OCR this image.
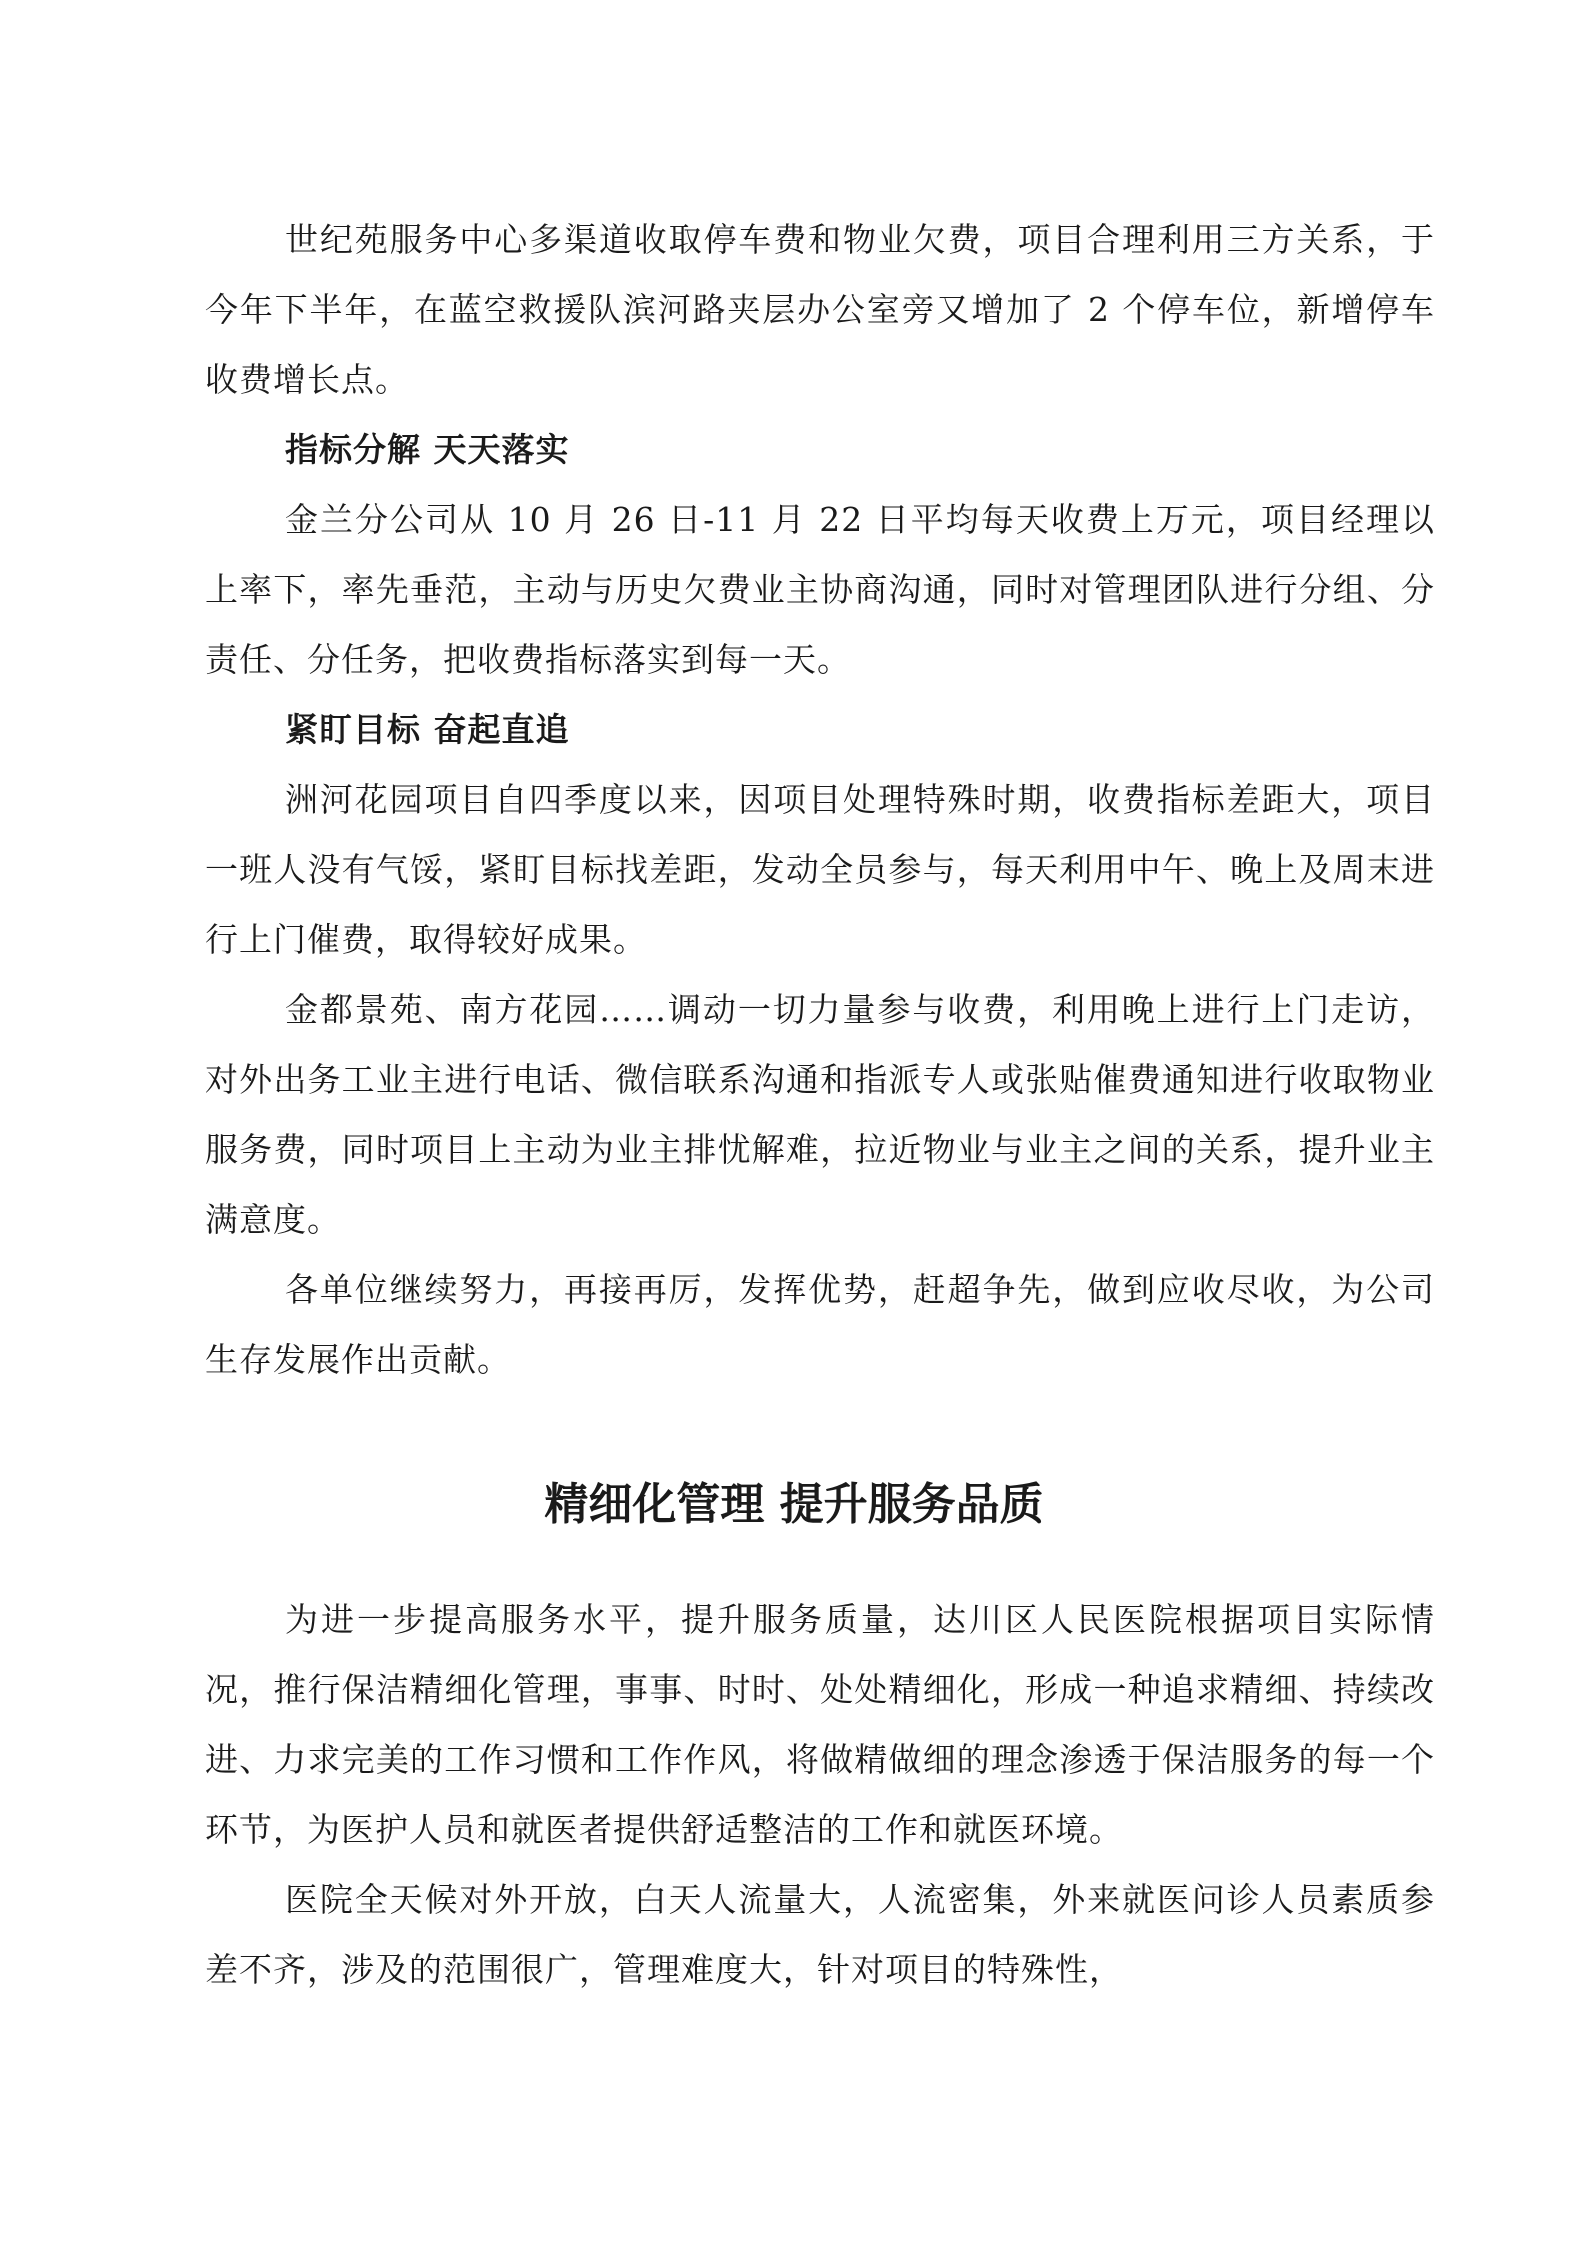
世纪苑服务中心多渠道收取停车费和物业欠费，项目合理利用三方关系，于今年下半年，在蓝空救援队滨河路夹层办公室旁又增加了 2 个停车位，新增停车收费增长点。

指标分解 天天落实

金兰分公司从 10 月 26 日-11 月 22 日平均每天收费上万元，项目经理以上率下，率先垂范，主动与历史欠费业主协商沟通，同时对管理团队进行分组、分责任、分任务，把收费指标落实到每一天。

紧盯目标 奋起直追

洲河花园项目自四季度以来，因项目处理特殊时期，收费指标差距大，项目一班人没有气馁，紧盯目标找差距，发动全员参与，每天利用中午、晚上及周末进行上门催费，取得较好成果。

金都景苑、南方花园……调动一切力量参与收费，利用晚上进行上门走访，对外出务工业主进行电话、微信联系沟通和指派专人或张贴催费通知进行收取物业服务费，同时项目上主动为业主排忧解难，拉近物业与业主之间的关系，提升业主满意度。

各单位继续努力，再接再厉，发挥优势，赶超争先，做到应收尽收，为公司生存发展作出贡献。

精细化管理 提升服务品质

为进一步提高服务水平，提升服务质量，达川区人民医院根据项目实际情况，推行保洁精细化管理，事事、时时、处处精细化，形成一种追求精细、持续改进、力求完美的工作习惯和工作作风，将做精做细的理念渗透于保洁服务的每一个环节，为医护人员和就医者提供舒适整洁的工作和就医环境。

医院全天候对外开放，白天人流量大，人流密集，外来就医问诊人员素质参差不齐，涉及的范围很广，管理难度大，针对项目的特殊性，
